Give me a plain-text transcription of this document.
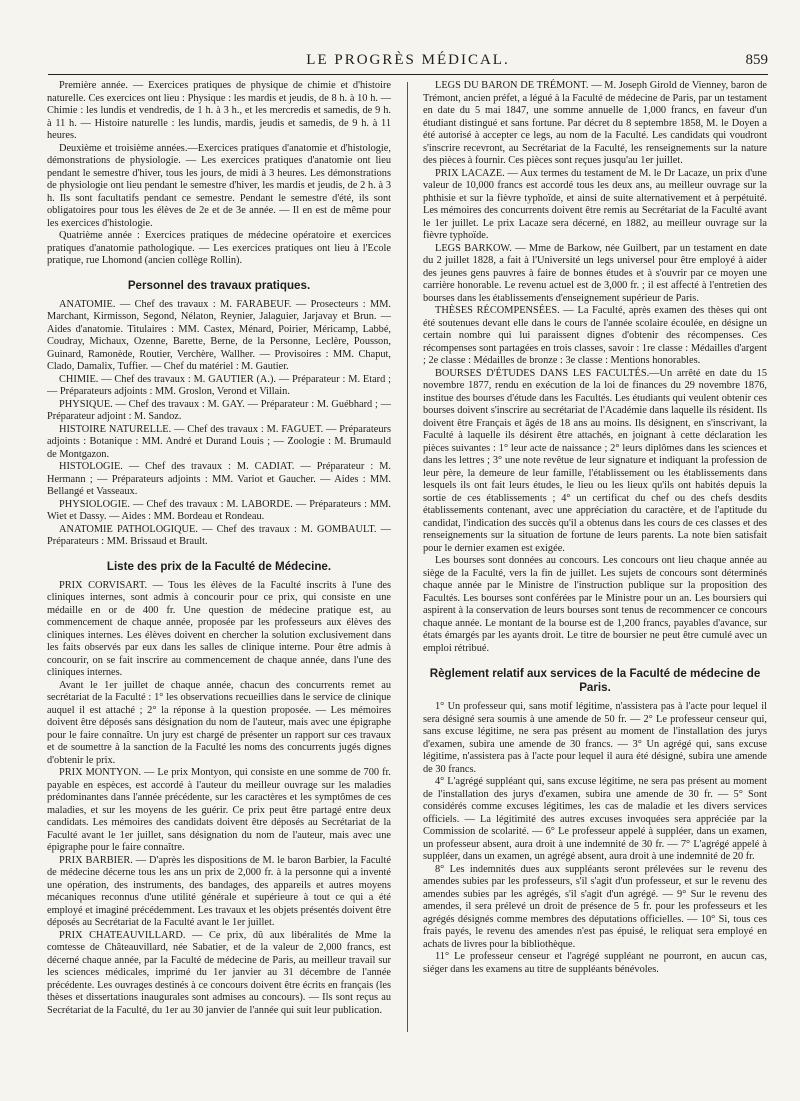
LE PROGRÈS MÉDICAL.	859

Première année. — Exercices pratiques de physique de chimie et d'histoire naturelle. Ces exercices ont lieu : Physique : les mardis et jeudis, de 8 h. à 10 h. — Chimie : les lundis et vendredis, de 1 h. à 3 h., et les mercredis et samedis, de 9 h. à 11 h. — Histoire naturelle : les lundis, mardis, jeudis et samedis, de 9 h. à 11 heures.

Deuxième et troisième années.—Exercices pratiques d'anatomie et d'histologie, démonstrations de physiologie. — Les exercices pratiques d'anatomie ont lieu pendant le semestre d'hiver, tous les jours, de midi à 3 heures. Les démonstrations de physiologie ont lieu pendant le semestre d'hiver, les mardis et jeudis, de 2 h. à 3 h. Ils sont facultatifs pendant ce semestre. Pendant le semestre d'été, ils sont obligatoires pour tous les élèves de 2e et de 3e année. — Il en est de même pour les exercices d'histologie.

Quatrième année : Exercices pratiques de médecine opératoire et exercices pratiques d'anatomie pathologique. — Les exercices pratiques ont lieu à l'Ecole pratique, rue Lhomond (ancien collège Rollin).

Personnel des travaux pratiques.

ANATOMIE. — Chef des travaux : M. FARABEUF. — Prosecteurs : MM. Marchant, Kirmisson, Segond, Nélaton, Reynier, Jalaguier, Jarjavay et Brun. — Aides d'anatomie. Titulaires : MM. Castex, Ménard, Poirier, Méricamp, Labbé, Coudray, Michaux, Ozenne, Barette, Berne, de la Personne, Leclère, Pousson, Guinard, Ramonède, Routier, Verchère, Wallher. — Provisoires : MM. Chaput, Clado, Damalix, Tuffier. — Chef du matériel : M. Gautier.

CHIMIE. — Chef des travaux : M. GAUTIER (A.). — Préparateur : M. Etard ; — Préparateurs adjoints : MM. Groslon, Verond et Villain.

PHYSIQUE. — Chef des travaux : M. GAY. — Préparateur : M. Guébhard ; — Préparateur adjoint : M. Sandoz.

HISTOIRE NATURELLE. — Chef des travaux : M. FAGUET. — Préparateurs adjoints : Botanique : MM. André et Durand Louis ; — Zoologie : M. Brumauld de Montgazon.

HISTOLOGIE. — Chef des travaux : M. CADIAT. — Préparateur : M. Hermann ; — Préparateurs adjoints : MM. Variot et Gaucher. — Aides : MM. Bellangé et Vasseaux.

PHYSIOLOGIE. — Chef des travaux : M. LABORDE. — Préparateurs : MM. Wiet et Dassy. — Aides : MM. Bordeau et Rondeau.

ANATOMIE PATHOLOGIQUE. — Chef des travaux : M. GOMBAULT. — Préparateurs : MM. Brissaud et Brault.

Liste des prix de la Faculté de Médecine.

PRIX CORVISART. — Tous les élèves de la Faculté inscrits à l'une des cliniques internes, sont admis à concourir pour ce prix, qui consiste en une médaille en or de 400 fr. Une question de médecine pratique est, au commencement de chaque année, proposée par les professeurs aux élèves des cliniques internes. Les élèves doivent en chercher la solution exclusivement dans les faits observés par eux dans les salles de clinique interne. Pour être admis à concourir, on se fait inscrire au commencement de chaque année, dans l'une des cliniques internes.

Avant le 1er juillet de chaque année, chacun des concurrents remet au secrétariat de la Faculté : 1° les observations recueillies dans le service de clinique auquel il est attaché ; 2° la réponse à la question proposée. — Les mémoires doivent être déposés sans désignation du nom de l'auteur, mais avec une épigraphe pour le faire connaître. Un jury est chargé de présenter un rapport sur ces travaux et de soumettre à la sanction de la Faculté les noms des concurrents jugés dignes d'obtenir le prix.

PRIX MONTYON. — Le prix Montyon, qui consiste en une somme de 700 fr. payable en espèces, est accordé à l'auteur du meilleur ouvrage sur les maladies prédominantes dans l'année précédente, sur les caractères et les symptômes de ces maladies, et sur les moyens de les guérir. Ce prix peut être partagé entre deux candidats. Les mémoires des candidats doivent être déposés au Secrétariat de la Faculté avant le 1er juillet, sans désignation du nom de l'auteur, mais avec une épigraphe pour le faire connaître.

PRIX BARBIER. — D'après les dispositions de M. le baron Barbier, la Faculté de médecine décerne tous les ans un prix de 2,000 fr. à la personne qui a inventé une opération, des instruments, des bandages, des appareils et autres moyens mécaniques reconnus d'une utilité générale et supérieure à tout ce qui a été employé et imaginé précédemment. Les travaux et les objets présentés doivent être déposés au Secrétariat de la Faculté avant le 1er juillet.

PRIX CHATEAUVILLARD. — Ce prix, dû aux libéralités de Mme la comtesse de Châteauvillard, née Sabatier, et de la valeur de 2,000 francs, est décerné chaque année, par la Faculté de médecine de Paris, au meilleur travail sur les sciences médicales, imprimé du 1er janvier au 31 décembre de l'année précédente. Les ouvrages destinés à ce concours doivent être écrits en français (les thèses et dissertations inaugurales sont admises au concours). — Ils sont reçus au Secrétariat de la Faculté, du 1er au 30 janvier de l'année qui suit leur publication.

LEGS DU BARON DE TRÉMONT. — M. Joseph Girold de Vienney, baron de Trémont, ancien préfet, a légué à la Faculté de médecine de Paris, par un testament en date du 5 mai 1847, une somme annuelle de 1,000 francs, en faveur d'un étudiant distingué et sans fortune. Par décret du 8 septembre 1858, M. le Doyen a été autorisé à accepter ce legs, au nom de la Faculté. Les candidats qui voudront s'inscrire recevront, au Secrétariat de la Faculté, les renseignements sur la nature des pièces à fournir. Ces pièces sont reçues jusqu'au 1er juillet.

PRIX LACAZE. — Aux termes du testament de M. le Dr Lacaze, un prix d'une valeur de 10,000 francs est accordé tous les deux ans, au meilleur ouvrage sur la phthisie et sur la fièvre typhoïde, et ainsi de suite alternativement et à perpétuité. Les mémoires des concurrents doivent être remis au Secrétariat de la Faculté avant le 1er juillet. Le prix Lacaze sera décerné, en 1882, au meilleur ouvrage sur la fièvre typhoïde.

LEGS BARKOW. — Mme de Barkow, née Guilbert, par un testament en date du 2 juillet 1828, a fait à l'Université un legs universel pour être employé à aider des jeunes gens pauvres à faire de bonnes études et à s'ouvrir par ce moyen une carrière honorable. Le revenu actuel est de 3,000 fr. ; il est affecté à l'entretien des bourses dans les établissements d'enseignement supérieur de Paris.

THÈSES RÉCOMPENSÉES. — La Faculté, après examen des thèses qui ont été soutenues devant elle dans le cours de l'année scolaire écoulée, en désigne un certain nombre qui lui paraissent dignes d'obtenir des récompenses. Ces récompenses sont partagées en trois classes, savoir : 1re classe : Médailles d'argent ; 2e classe : Médailles de bronze : 3e classe : Mentions honorables.

BOURSES D'ÉTUDES DANS LES FACULTÉS.—Un arrêté en date du 15 novembre 1877, rendu en exécution de la loi de finances du 29 novembre 1876, institue des bourses d'étude dans les Facultés. Les étudiants qui veulent obtenir ces bourses doivent s'inscrire au secrétariat de l'Académie dans laquelle ils résident. Ils doivent être Français et âgés de 18 ans au moins. Ils désignent, en s'inscrivant, la Faculté à laquelle ils désirent être attachés, en joignant à cette déclaration les pièces suivantes : 1° leur acte de naissance ; 2° leurs diplômes dans les sciences et dans les lettres ; 3° une note revêtue de leur signature et indiquant la profession de leur père, la demeure de leur famille, l'établissement ou les établissements dans lesquels ils ont fait leurs études, le lieu ou les lieux qu'ils ont habités depuis la sortie de ces établissements ; 4° un certificat du chef ou des chefs desdits établissements contenant, avec une appréciation du caractère, et de l'aptitude du candidat, l'indication des succès qu'il a obtenus dans les cours de ces classes et des renseignements sur la situation de fortune de leurs parents. La note bien satisfait pour le dernier examen est exigée.

Les bourses sont données au concours. Les concours ont lieu chaque année au siège de la Faculté, vers la fin de juillet. Les sujets de concours sont déterminés chaque année par le Ministre de l'instruction publique sur la proposition des Facultés. Les bourses sont conférées par le Ministre pour un an. Les boursiers qui aspirent à la conservation de leurs bourses sont tenus de recommencer ce concours chaque année. Le montant de la bourse est de 1,200 francs, payables d'avance, sur états émargés par les ayants droit. Le titre de boursier ne peut être cumulé avec un emploi rétribué.

Règlement relatif aux services de la Faculté de médecine de Paris.

1° Un professeur qui, sans motif légitime, n'assistera pas à l'acte pour lequel il sera désigné sera soumis à une amende de 50 fr. — 2° Le professeur censeur qui, sans excuse légitime, ne sera pas présent au moment de l'installation des jurys d'examen, subira une amende de 30 francs. — 3° Un agrégé qui, sans excuse légitime, n'assistera pas à l'acte pour lequel il aura été désigné, subira une amende de 30 francs.

4° L'agrégé suppléant qui, sans excuse légitime, ne sera pas présent au moment de l'installation des jurys d'examen, subira une amende de 30 fr. — 5° Sont considérés comme excuses légitimes, les cas de maladie et les divers services officiels. — La légitimité des autres excuses invoquées sera appréciée par la Commission de scolarité. — 6° Le professeur appelé à suppléer, dans un examen, un professeur absent, aura droit à une indemnité de 30 fr. — 7° L'agrégé appelé à suppléer, dans un examen, un agrégé absent, aura droit à une indemnité de 20 fr.

8° Les indemnités dues aux suppléants seront prélevées sur le revenu des amendes subies par les professeurs, s'il s'agit d'un professeur, et sur le revenu des amendes subies par les agrégés, s'il s'agit d'un agrégé. — 9° Sur le revenu des amendes, il sera prélevé un droit de présence de 5 fr. pour les professeurs et les agrégés désignés comme membres des députations officielles. — 10° Si, tous ces frais payés, le revenu des amendes n'est pas épuisé, le reliquat sera employé en achats de livres pour la bibliothèque.

11° Le professeur censeur et l'agrégé suppléant ne pourront, en aucun cas, siéger dans les examens au titre de suppléants bénévoles.
